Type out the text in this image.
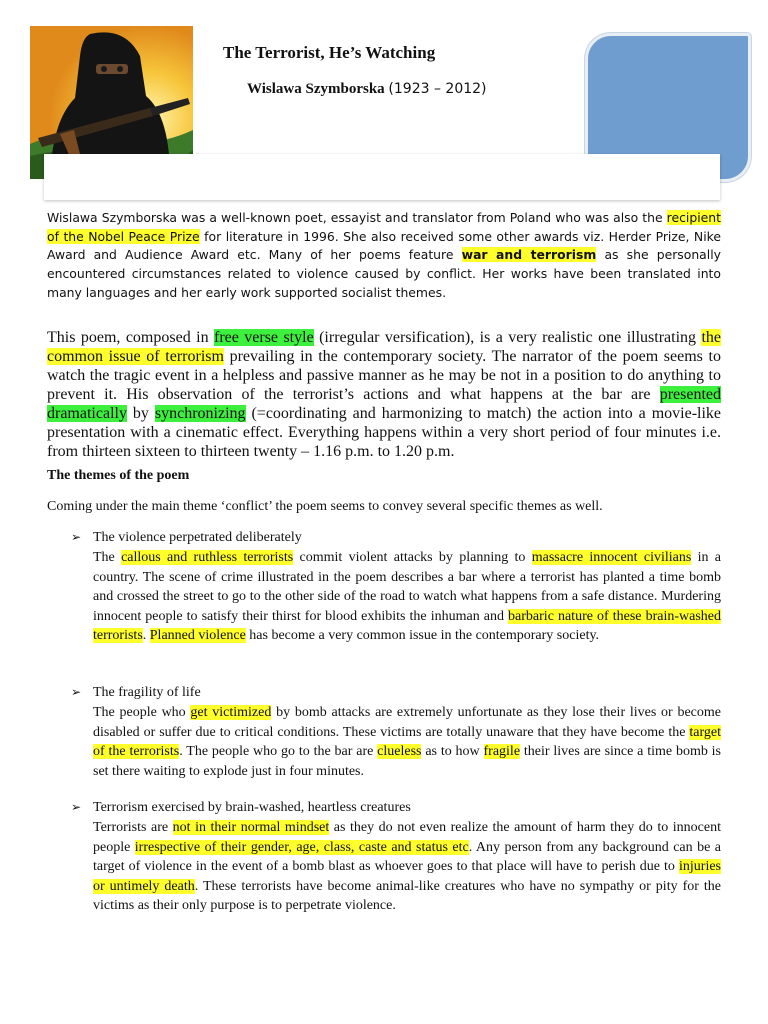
The Terrorist, He’s Watching
Wislawa Szymborska (1923 – 2012)
Wislawa Szymborska was a well-known poet, essayist and translator from Poland who was also the recipient of the Nobel Peace Prize for literature in 1996. She also received some other awards viz. Herder Prize, Nike Award and Audience Award etc. Many of her poems feature war and terrorism as she personally encountered circumstances related to violence caused by conflict. Her works have been translated into many languages and her early work supported socialist themes.
This poem, composed in free verse style (irregular versification), is a very realistic one illustrating the common issue of terrorism prevailing in the contemporary society. The narrator of the poem seems to watch the tragic event in a helpless and passive manner as he may be not in a position to do anything to prevent it. His observation of the terrorist’s actions and what happens at the bar are presented dramatically by synchronizing (=coordinating and harmonizing to match) the action into a movie-like presentation with a cinematic effect. Everything happens within a very short period of four minutes i.e. from thirteen sixteen to thirteen twenty – 1.16 p.m. to 1.20 p.m.
The themes of the poem
Coming under the main theme ‘conflict’ the poem seems to convey several specific themes as well.
➢ The violence perpetrated deliberately
The callous and ruthless terrorists commit violent attacks by planning to massacre innocent civilians in a country. The scene of crime illustrated in the poem describes a bar where a terrorist has planted a time bomb and crossed the street to go to the other side of the road to watch what happens from a safe distance. Murdering innocent people to satisfy their thirst for blood exhibits the inhuman and barbaric nature of these brain-washed terrorists. Planned violence has become a very common issue in the contemporary society.
➢ The fragility of life
The people who get victimized by bomb attacks are extremely unfortunate as they lose their lives or become disabled or suffer due to critical conditions. These victims are totally unaware that they have become the target of the terrorists. The people who go to the bar are clueless as to how fragile their lives are since a time bomb is set there waiting to explode just in four minutes.
➢ Terrorism exercised by brain-washed, heartless creatures
Terrorists are not in their normal mindset as they do not even realize the amount of harm they do to innocent people irrespective of their gender, age, class, caste and status etc. Any person from any background can be a target of violence in the event of a bomb blast as whoever goes to that place will have to perish due to injuries or untimely death. These terrorists have become animal-like creatures who have no sympathy or pity for the victims as their only purpose is to perpetrate violence.
